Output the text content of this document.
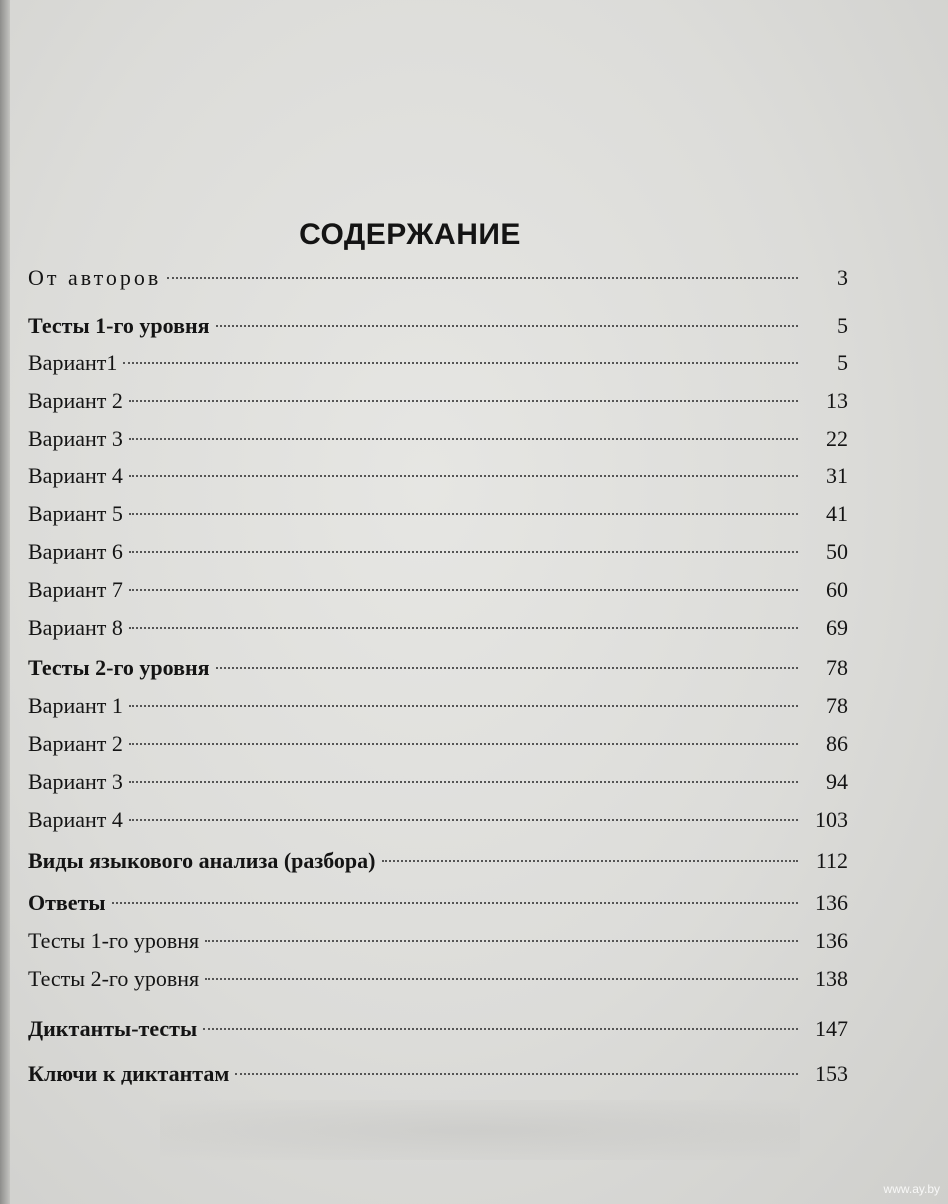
СОДЕРЖАНИЕ
От авторов	3
Тесты 1-го уровня	5
Вариант1	5
Вариант 2	13
Вариант 3	22
Вариант 4	31
Вариант 5	41
Вариант 6	50
Вариант 7	60
Вариант 8	69
Тесты 2-го уровня	78
Вариант 1	78
Вариант 2	86
Вариант 3	94
Вариант 4	103
Виды языкового анализа (разбора)	112
Ответы	136
Тесты 1-го уровня	136
Тесты 2-го уровня	138
Диктанты-тесты	147
Ключи к диктантам	153
www.ay.by
